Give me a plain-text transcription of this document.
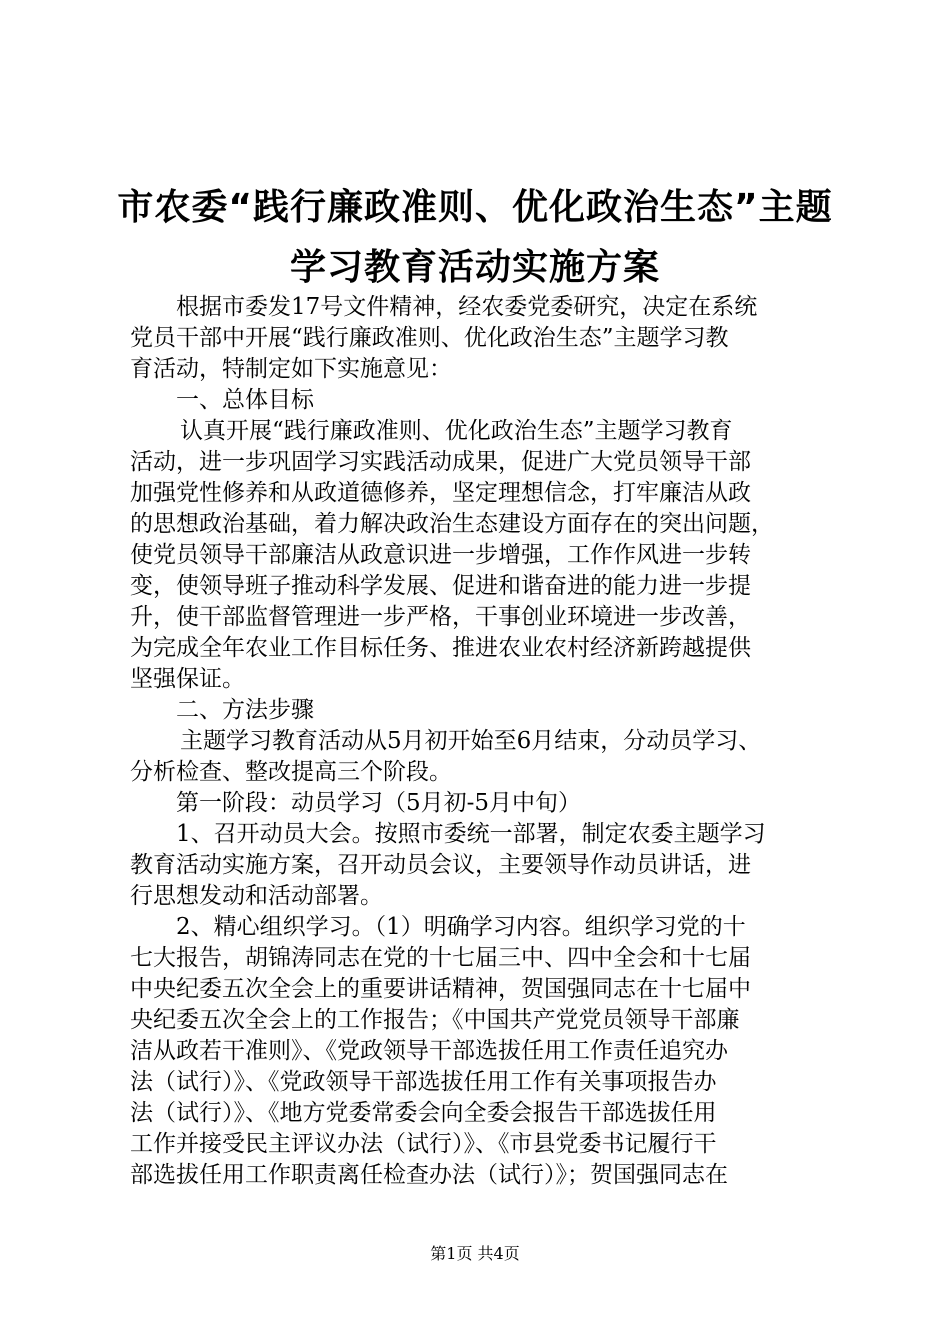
市农委“践行廉政准则、优化政治生态”主题
学习教育活动实施方案
根据市委发17号文件精神，经农委党委研究，决定在系统
党员干部中开展“践行廉政准则、优化政治生态”主题学习教
育活动，特制定如下实施意见：
一、总体目标
认真开展“践行廉政准则、优化政治生态”主题学习教育
活动，进一步巩固学习实践活动成果，促进广大党员领导干部
加强党性修养和从政道德修养，坚定理想信念，打牢廉洁从政
的思想政治基础，着力解决政治生态建设方面存在的突出问题，
使党员领导干部廉洁从政意识进一步增强，工作作风进一步转
变，使领导班子推动科学发展、促进和谐奋进的能力进一步提
升，使干部监督管理进一步严格，干事创业环境进一步改善，
为完成全年农业工作目标任务、推进农业农村经济新跨越提供
坚强保证。
二、方法步骤
主题学习教育活动从5月初开始至6月结束，分动员学习、
分析检查、整改提高三个阶段。
第一阶段：动员学习（5月初-5月中旬）
1、召开动员大会。按照市委统一部署，制定农委主题学习
教育活动实施方案，召开动员会议，主要领导作动员讲话，进
行思想发动和活动部署。
2、精心组织学习。（1）明确学习内容。组织学习党的十
七大报告，胡锦涛同志在党的十七届三中、四中全会和十七届
中央纪委五次全会上的重要讲话精神，贺国强同志在十七届中
央纪委五次全会上的工作报告；《中国共产党党员领导干部廉
洁从政若干准则》、《党政领导干部选拔任用工作责任追究办
法（试行）》、《党政领导干部选拔任用工作有关事项报告办
法（试行）》、《地方党委常委会向全委会报告干部选拔任用
工作并接受民主评议办法（试行）》、《市县党委书记履行干
部选拔任用工作职责离任检查办法（试行）》；贺国强同志在
第1页 共4页
